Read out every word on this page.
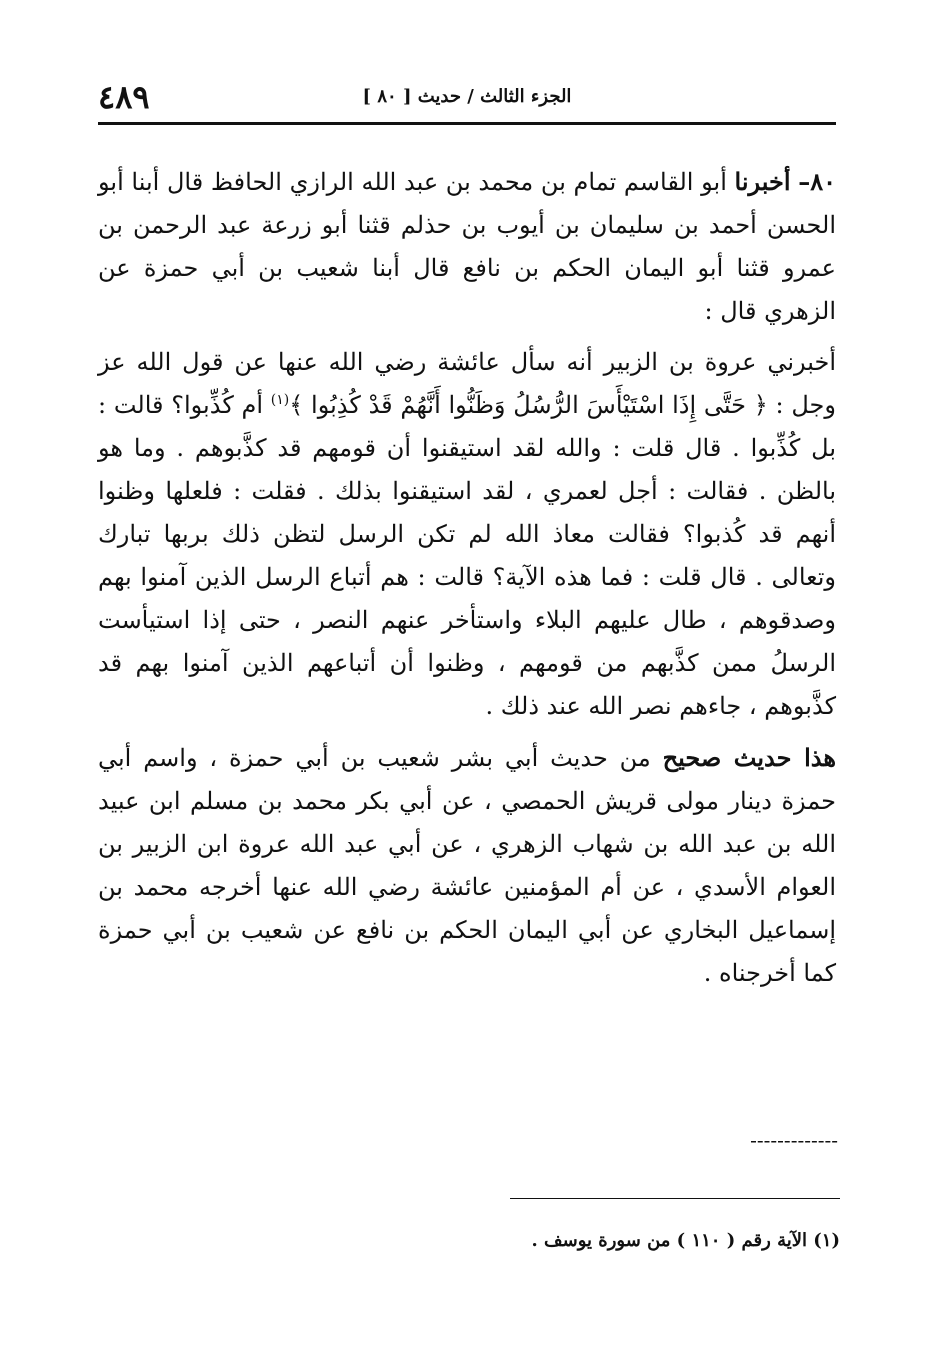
٤٨٩	الجزء الثالث / حديث [ ٨٠ ]

٨٠– أخبرنا أبو القاسم تمام بن محمد بن عبد الله الرازي الحافظ قال أبنا أبو الحسن أحمد بن سليمان بن أيوب بن حذلم قثنا أبو زرعة عبد الرحمن بن عمرو قثنا أبو اليمان الحكم بن نافع قال أبنا شعيب بن أبي حمزة عن الزهري قال :

أخبرني عروة بن الزبير أنه سأل عائشة رضي الله عنها عن قول الله عز وجل : ﴿ حَتَّى إِذَا اسْتَيْأَسَ الرُّسُلُ وَظَنُّوا أَنَّهُمْ قَدْ كُذِبُوا ﴾$^{(١)}$ أم كُذِّبوا؟ قالت : بل كُذِّبوا . قال قلت : والله لقد استيقنوا أن قومهم قد كذَّبوهم . وما هو بالظن . فقالت : أجل لعمري ، لقد استيقنوا بذلك . فقلت : فلعلها وظنوا أنهم قد كُذبوا؟ فقالت معاذ الله لم تكن الرسل لتظن ذلك بربها تبارك وتعالى . قال قلت : فما هذه الآية؟ قالت : هم أتباع الرسل الذين آمنوا بهم وصدقوهم ، طال عليهم البلاء واستأخر عنهم النصر ، حتى إذا استيأست الرسلُ ممن كذَّبهم من قومهم ، وظنوا أن أتباعهم الذين آمنوا بهم قد كذَّبوهم ، جاءهم نصر الله عند ذلك .

هذا حديث صحيح من حديث أبي بشر شعيب بن أبي حمزة ، واسم أبي حمزة دينار مولى قريش الحمصي ، عن أبي بكر محمد بن مسلم ابن عبيد الله بن عبد الله بن شهاب الزهري ، عن أبي عبد الله عروة ابن الزبير بن العوام الأسدي ، عن أم المؤمنين عائشة رضي الله عنها أخرجه محمد بن إسماعيل البخاري عن أبي اليمان الحكم بن نافع عن شعيب بن أبي حمزة كما أخرجناه .

-------------
(١) الآية رقم ( ١١٠ ) من سورة يوسف .
